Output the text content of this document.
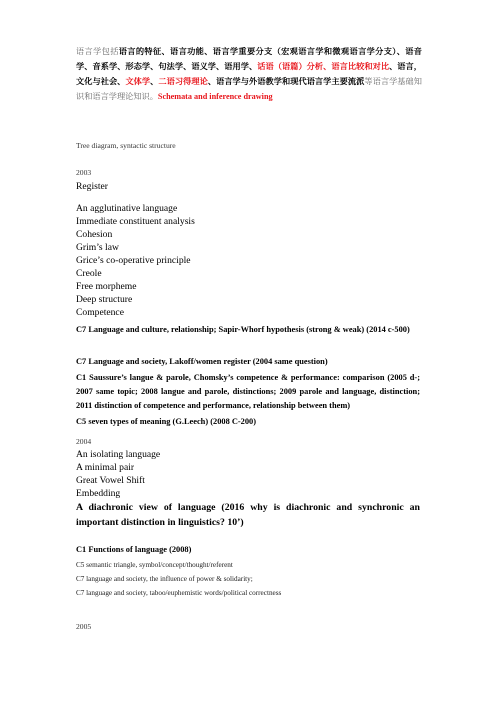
语言学包括语言的特征、语言功能、语言学重要分支（宏观语言学和微观语言学分支）、语音学、音系学、形态学、句法学、语义学、语用学、话语（语篇）分析、语言比较和对比、语言，文化与社会、文体学、二语习得理论、语言学与外语教学和现代语言学主要流派等语言学基础知识和语言学理论知识。Schemata and inference drawing
Tree diagram, syntactic structure
2003
Register
An agglutinative language
Immediate constituent analysis
Cohesion
Grim’s law
Grice’s co-operative principle
Creole
Free morpheme
Deep structure
Competence
C7 Language and culture, relationship; Sapir-Whorf hypothesis (strong & weak) (2014 c-500)
C7 Language and society, Lakoff/women register (2004 same question)
C1 Saussure’s langue & parole, Chomsky’s competence & performance: comparison (2005 d-; 2007 same topic; 2008 langue and parole, distinctions; 2009 parole and language, distinction; 2011 distinction of competence and performance, relationship between them)
C5 seven types of meaning (G.Leech) (2008 C-200)
2004
An isolating language
A minimal pair
Great Vowel Shift
Embedding
A diachronic view of language (2016 why is diachronic and synchronic an important distinction in linguistics? 10’)
C1 Functions of language (2008)
C5 semantic triangle, symbol/concept/thought/referent
C7 language and society, the influence of power & solidarity;
C7 language and society, taboo/euphemistic words/political correctness
2005
